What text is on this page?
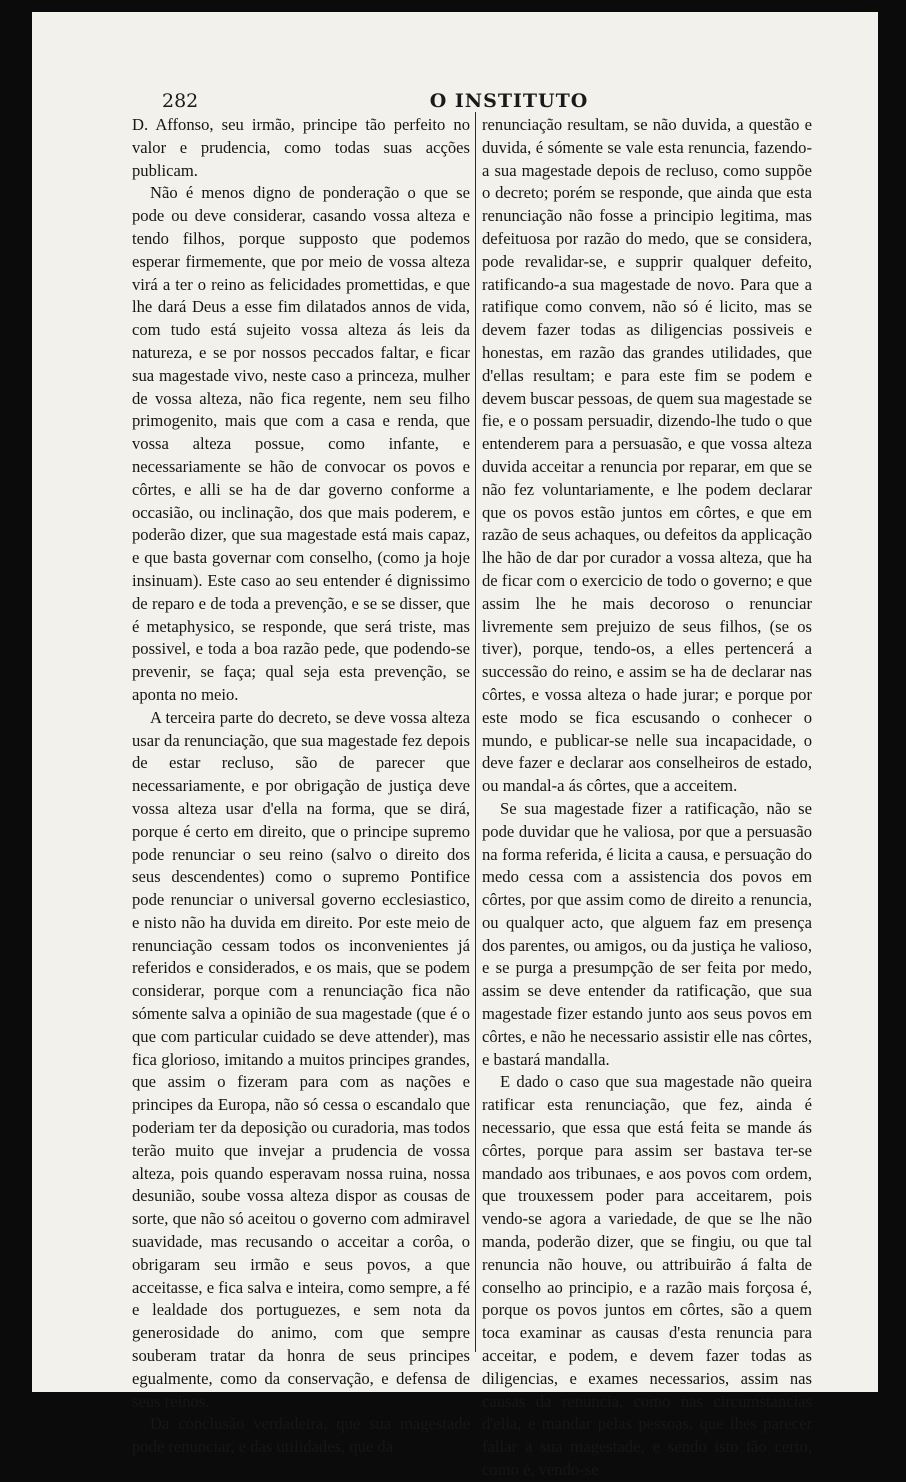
282	O INSTITUTO

D. Affonso, seu irmão, principe tão perfeito no valor e prudencia, como todas suas acções publicam.

Não é menos digno de ponderação o que se pode ou deve considerar, casando vossa alteza e tendo filhos, porque supposto que podemos esperar firmemente, que por meio de vossa alteza virá a ter o reino as felicidades promettidas, e que lhe dará Deus a esse fim dilatados annos de vida, com tudo está sujeito vossa alteza ás leis da natureza, e se por nossos peccados faltar, e ficar sua magestade vivo, neste caso a princeza, mulher de vossa alteza, não fica regente, nem seu filho primogenito, mais que com a casa e renda, que vossa alteza possue, como infante, e necessariamente se hão de convocar os povos e côrtes, e alli se ha de dar governo conforme a occasião, ou inclinação, dos que mais poderem, e poderão dizer, que sua magestade está mais capaz, e que basta governar com conselho, (como ja hoje insinuam). Este caso ao seu entender é dignissimo de reparo e de toda a prevenção, e se se disser, que é metaphysico, se responde, que será triste, mas possivel, e toda a boa razão pede, que podendo-se prevenir, se faça; qual seja esta prevenção, se aponta no meio.

A terceira parte do decreto, se deve vossa alteza usar da renunciação, que sua magestade fez depois de estar recluso, são de parecer que necessariamente, e por obrigação de justiça deve vossa alteza usar d'ella na forma, que se dirá, porque é certo em direito, que o principe supremo pode renunciar o seu reino (salvo o direito dos seus descendentes) como o supremo Pontifice pode renunciar o universal governo ecclesiastico, e nisto não ha duvida em direito. Por este meio de renunciação cessam todos os inconvenientes já referidos e considerados, e os mais, que se podem considerar, porque com a renunciação fica não sómente salva a opinião de sua magestade (que é o que com particular cuidado se deve attender), mas fica glorioso, imitando a muitos principes grandes, que assim o fizeram para com as nações e principes da Europa, não só cessa o escandalo que poderiam ter da deposição ou curadoria, mas todos terão muito que invejar a prudencia de vossa alteza, pois quando esperavam nossa ruina, nossa desunião, soube vossa alteza dispor as cousas de sorte, que não só aceitou o governo com admiravel suavidade, mas recusando o acceitar a corôa, o obrigaram seu irmão e seus povos, a que acceitasse, e fica salva e inteira, como sempre, a fé e lealdade dos portuguezes, e sem nota da generosidade do animo, com que sempre souberam tratar da honra de seus principes egualmente, como da conservação, e defensa de seus reinos.

Da conclusão verdadeira, que sua magestade pode renunciar, e das utilidades, que da

renunciação resultam, se não duvida, a questão e duvida, é sómente se vale esta renuncia, fazendo-a sua magestade depois de recluso, como suppõe o decreto; porém se responde, que ainda que esta renunciação não fosse a principio legitima, mas defeituosa por razão do medo, que se considera, pode revalidar-se, e supprir qualquer defeito, ratificando-a sua magestade de novo. Para que a ratifique como convem, não só é licito, mas se devem fazer todas as diligencias possiveis e honestas, em razão das grandes utilidades, que d'ellas resultam; e para este fim se podem e devem buscar pessoas, de quem sua magestade se fie, e o possam persuadir, dizendo-lhe tudo o que entenderem para a persuasão, e que vossa alteza duvida acceitar a renuncia por reparar, em que se não fez voluntariamente, e lhe podem declarar que os povos estão juntos em côrtes, e que em razão de seus achaques, ou defeitos da applicação lhe hão de dar por curador a vossa alteza, que ha de ficar com o exercicio de todo o governo; e que assim lhe he mais decoroso o renunciar livremente sem prejuizo de seus filhos, (se os tiver), porque, tendo-os, a elles pertencerá a successão do reino, e assim se ha de declarar nas côrtes, e vossa alteza o hade jurar; e porque por este modo se fica escusando o conhecer o mundo, e publicar-se nelle sua incapacidade, o deve fazer e declarar aos conselheiros de estado, ou mandal-a ás côrtes, que a acceitem.

Se sua magestade fizer a ratificação, não se pode duvidar que he valiosa, por que a persuasão na forma referida, é licita a causa, e persuação do medo cessa com a assistencia dos povos em côrtes, por que assim como de direito a renuncia, ou qualquer acto, que alguem faz em presença dos parentes, ou amigos, ou da justiça he valioso, e se purga a presumpção de ser feita por medo, assim se deve entender da ratificação, que sua magestade fizer estando junto aos seus povos em côrtes, e não he necessario assistir elle nas côrtes, e bastará mandalla.

E dado o caso que sua magestade não queira ratificar esta renunciação, que fez, ainda é necessario, que essa que está feita se mande ás côrtes, porque para assim ser bastava ter-se mandado aos tribunaes, e aos povos com ordem, que trouxessem poder para acceitarem, pois vendo-se agora a variedade, de que se lhe não manda, poderão dizer, que se fingiu, ou que tal renuncia não houve, ou attribuirão á falta de conselho ao principio, e a razão mais forçosa é, porque os povos juntos em côrtes, são a quem toca examinar as causas d'esta renuncia para acceitar, e podem, e devem fazer todas as diligencias, e exames necessarios, assim nas causas da renuncia, como nas circumstancias d'ella, e mandar pelas pessoas, que lhes parecer fallar a sua magestade, e sendo isto tão certo, como é, vendo-se
